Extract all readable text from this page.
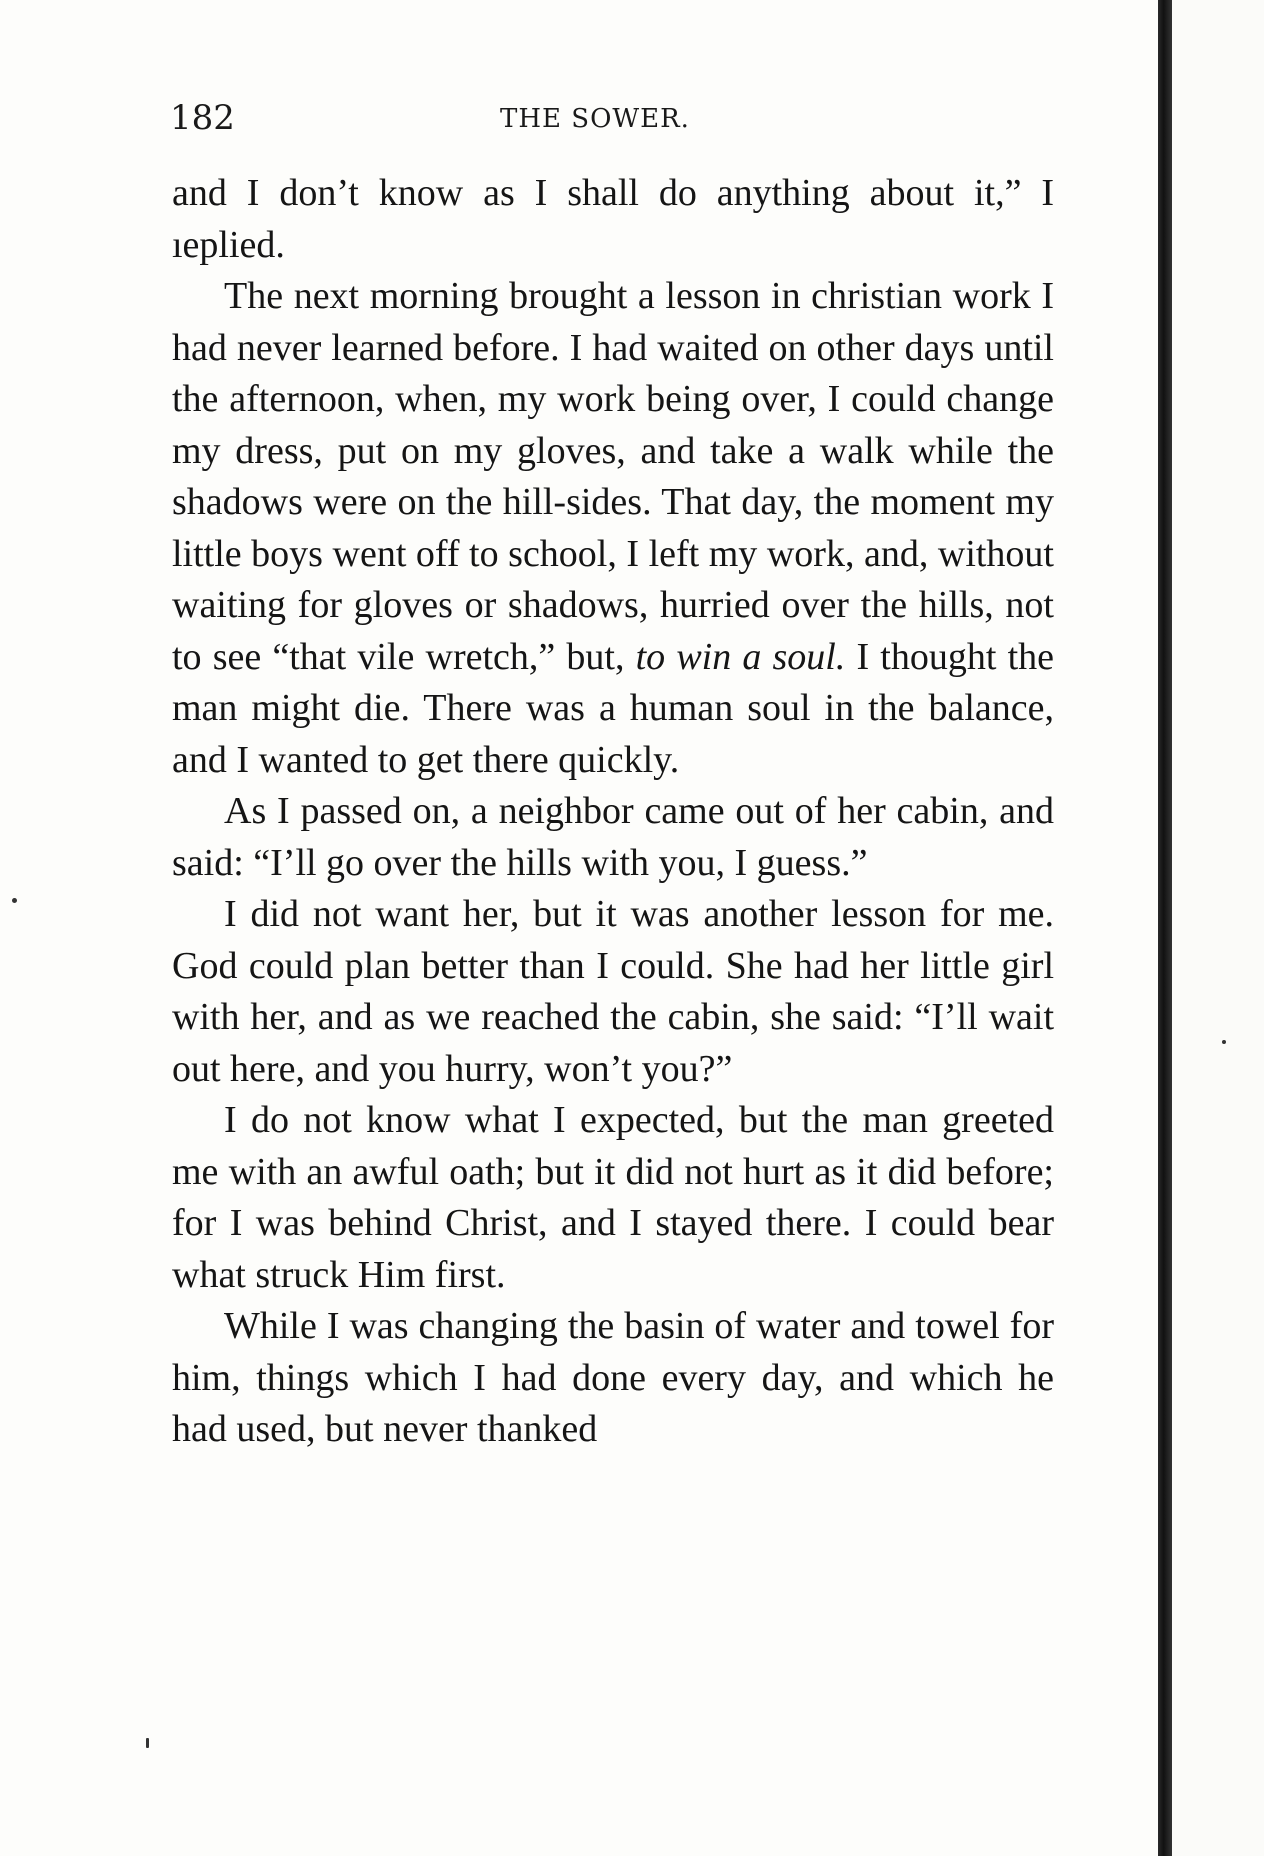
182	THE SOWER.

and I don’t know as I shall do anything about it,” I ıeplied.

The next morning brought a lesson in christian work I had never learned before. I had waited on other days until the afternoon, when, my work being over, I could change my dress, put on my gloves, and take a walk while the shadows were on the hill-sides. That day, the moment my little boys went off to school, I left my work, and, without waiting for gloves or shadows, hurried over the hills, not to see “that vile wretch,” but, to win a soul. I thought the man might die. There was a human soul in the balance, and I wanted to get there quickly.

As I passed on, a neighbor came out of her cabin, and said: “I’ll go over the hills with you, I guess.”

I did not want her, but it was another lesson for me. God could plan better than I could. She had her little girl with her, and as we reached the cabin, she said: “I’ll wait out here, and you hurry, won’t you?”

I do not know what I expected, but the man greeted me with an awful oath; but it did not hurt as it did before; for I was behind Christ, and I stayed there. I could bear what struck Him first.

While I was changing the basin of water and towel for him, things which I had done every day, and which he had used, but never thanked
